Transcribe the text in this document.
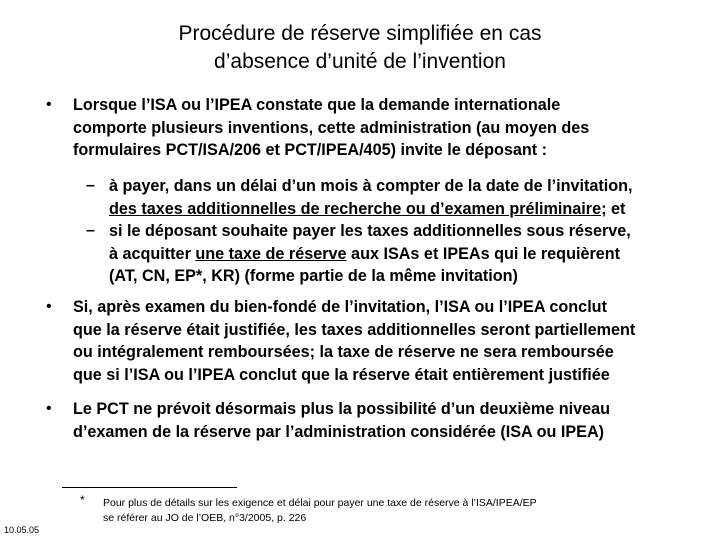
Procédure de réserve simplifiée en cas
d’absence d’unité de l’invention
• Lorsque l’ISA ou l’IPEA constate que la demande internationale
comporte plusieurs inventions, cette administration (au moyen des
formulaires PCT/ISA/206 et PCT/IPEA/405) invite le déposant :
– à payer, dans un délai d’un mois à compter de la date de l’invitation,
des taxes additionnelles de recherche ou d’examen préliminaire; et
– si le déposant souhaite payer les taxes additionnelles sous réserve,
à acquitter une taxe de réserve aux ISAs et IPEAs qui le requièrent
(AT, CN, EP*, KR) (forme partie de la même invitation)
• Si, après examen du bien-fondé de l’invitation, l’ISA ou l’IPEA conclut
que la réserve était justifiée, les taxes additionnelles seront partiellement
ou intégralement remboursées; la taxe de réserve ne sera remboursée
que si l’ISA ou l’IPEA conclut que la réserve était entièrement justifiée
• Le PCT ne prévoit désormais plus la possibilité d’un deuxième niveau
d’examen de la réserve par l’administration considérée (ISA ou IPEA)
* Pour plus de détails sur les exigence et délai pour payer une taxe de réserve à l’ISA/IPEA/EP
se référer au JO de l’OEB, n°3/2005, p. 226
10.05.05
